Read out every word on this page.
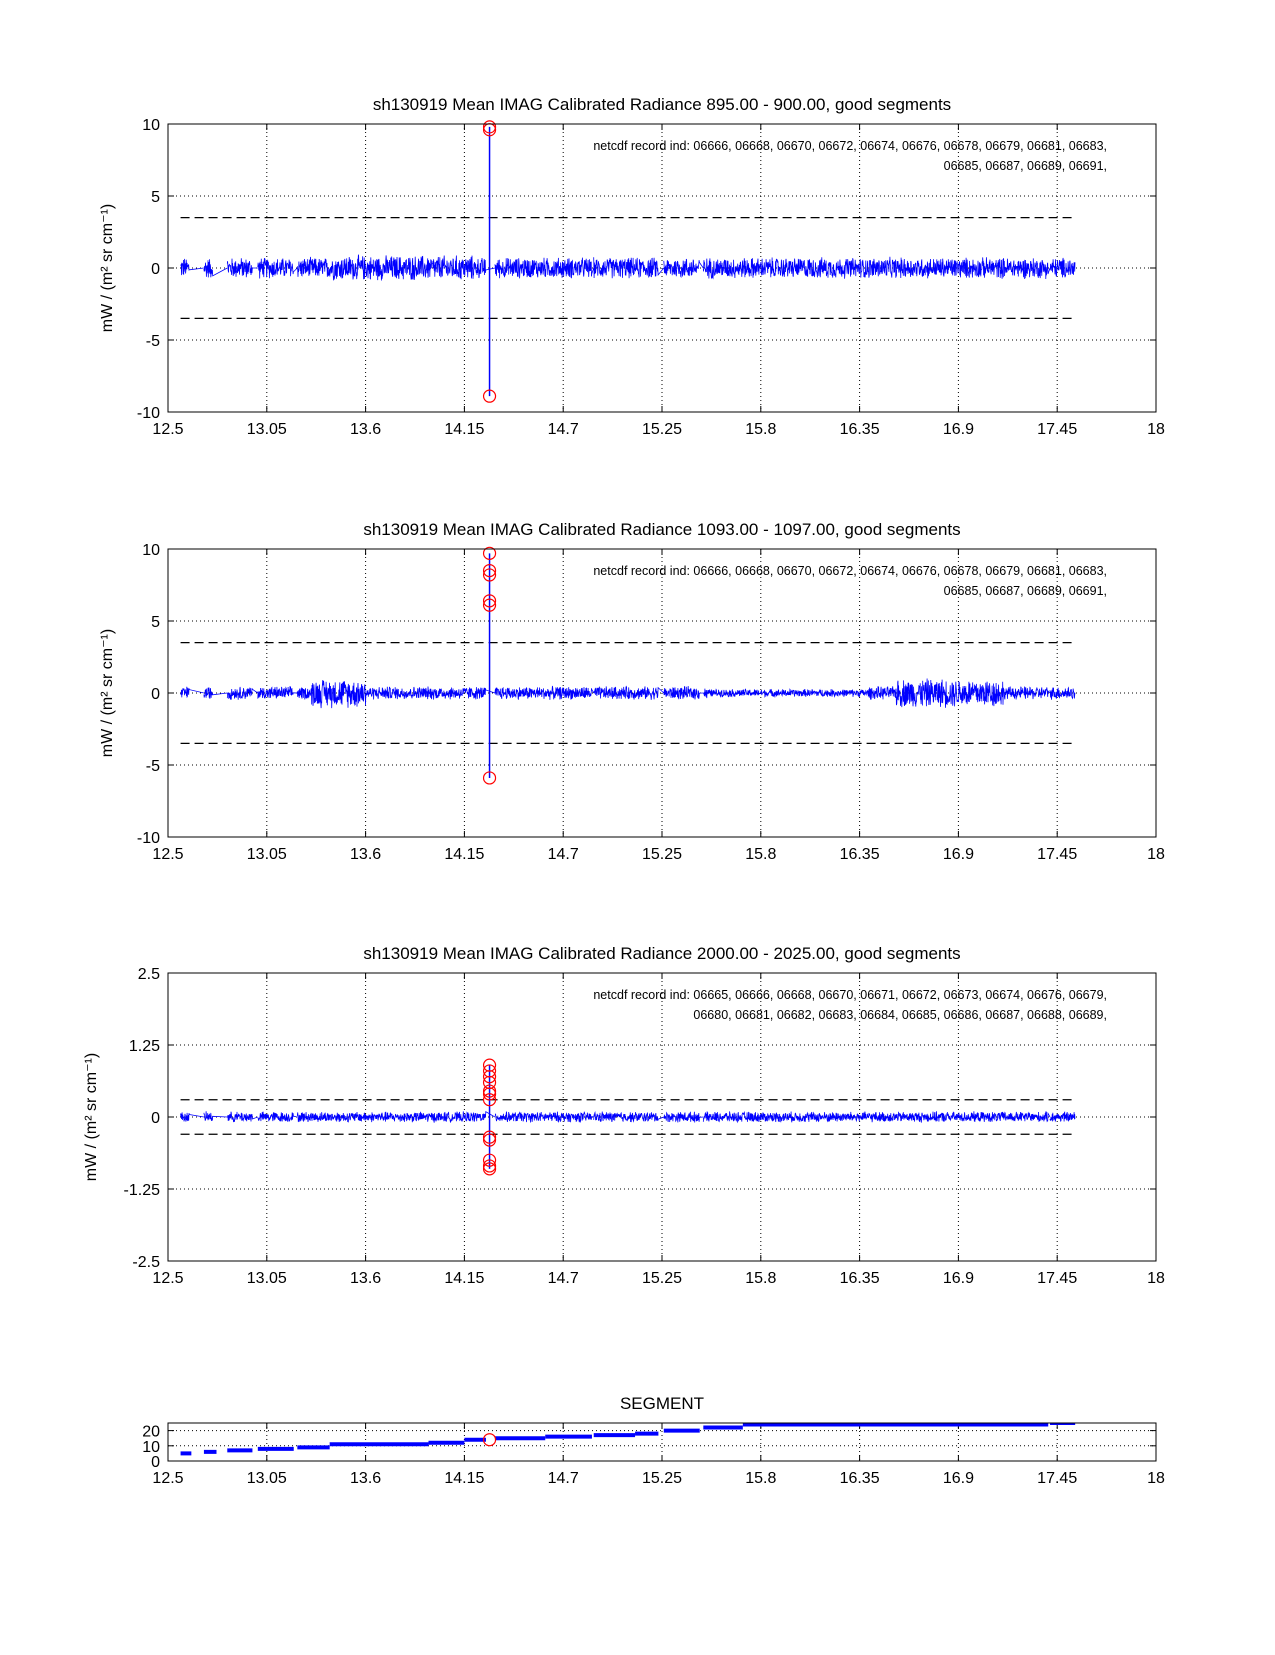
sh130919 Mean IMAG Calibrated Radiance 895.00 - 900.00, good segments
12.5	13.05	13.6	14.15	14.7	15.25	15.8	16.35	16.9	17.45	18
10
5
0
-5
-10
mW / (m² sr cm⁻¹)
netcdf record ind: 06666, 06668, 06670, 06672, 06674, 06676, 06678, 06679, 06681, 06683,
06685, 06687, 06689, 06691,
sh130919 Mean IMAG Calibrated Radiance 1093.00 - 1097.00, good segments
12.5	13.05	13.6	14.15	14.7	15.25	15.8	16.35	16.9	17.45	18
10
5
0
-5
-10
mW / (m² sr cm⁻¹)
netcdf record ind: 06666, 06668, 06670, 06672, 06674, 06676, 06678, 06679, 06681, 06683,
06685, 06687, 06689, 06691,
sh130919 Mean IMAG Calibrated Radiance 2000.00 - 2025.00, good segments
12.5	13.05	13.6	14.15	14.7	15.25	15.8	16.35	16.9	17.45	18
2.5
1.25
0
-1.25
-2.5
mW / (m² sr cm⁻¹)
netcdf record ind: 06665, 06666, 06668, 06670, 06671, 06672, 06673, 06674, 06676, 06679,
06680, 06681, 06682, 06683, 06684, 06685, 06686, 06687, 06688, 06689,
SEGMENT
12.5	13.05	13.6	14.15	14.7	15.25	15.8	16.35	16.9	17.45	18
20
10
0
